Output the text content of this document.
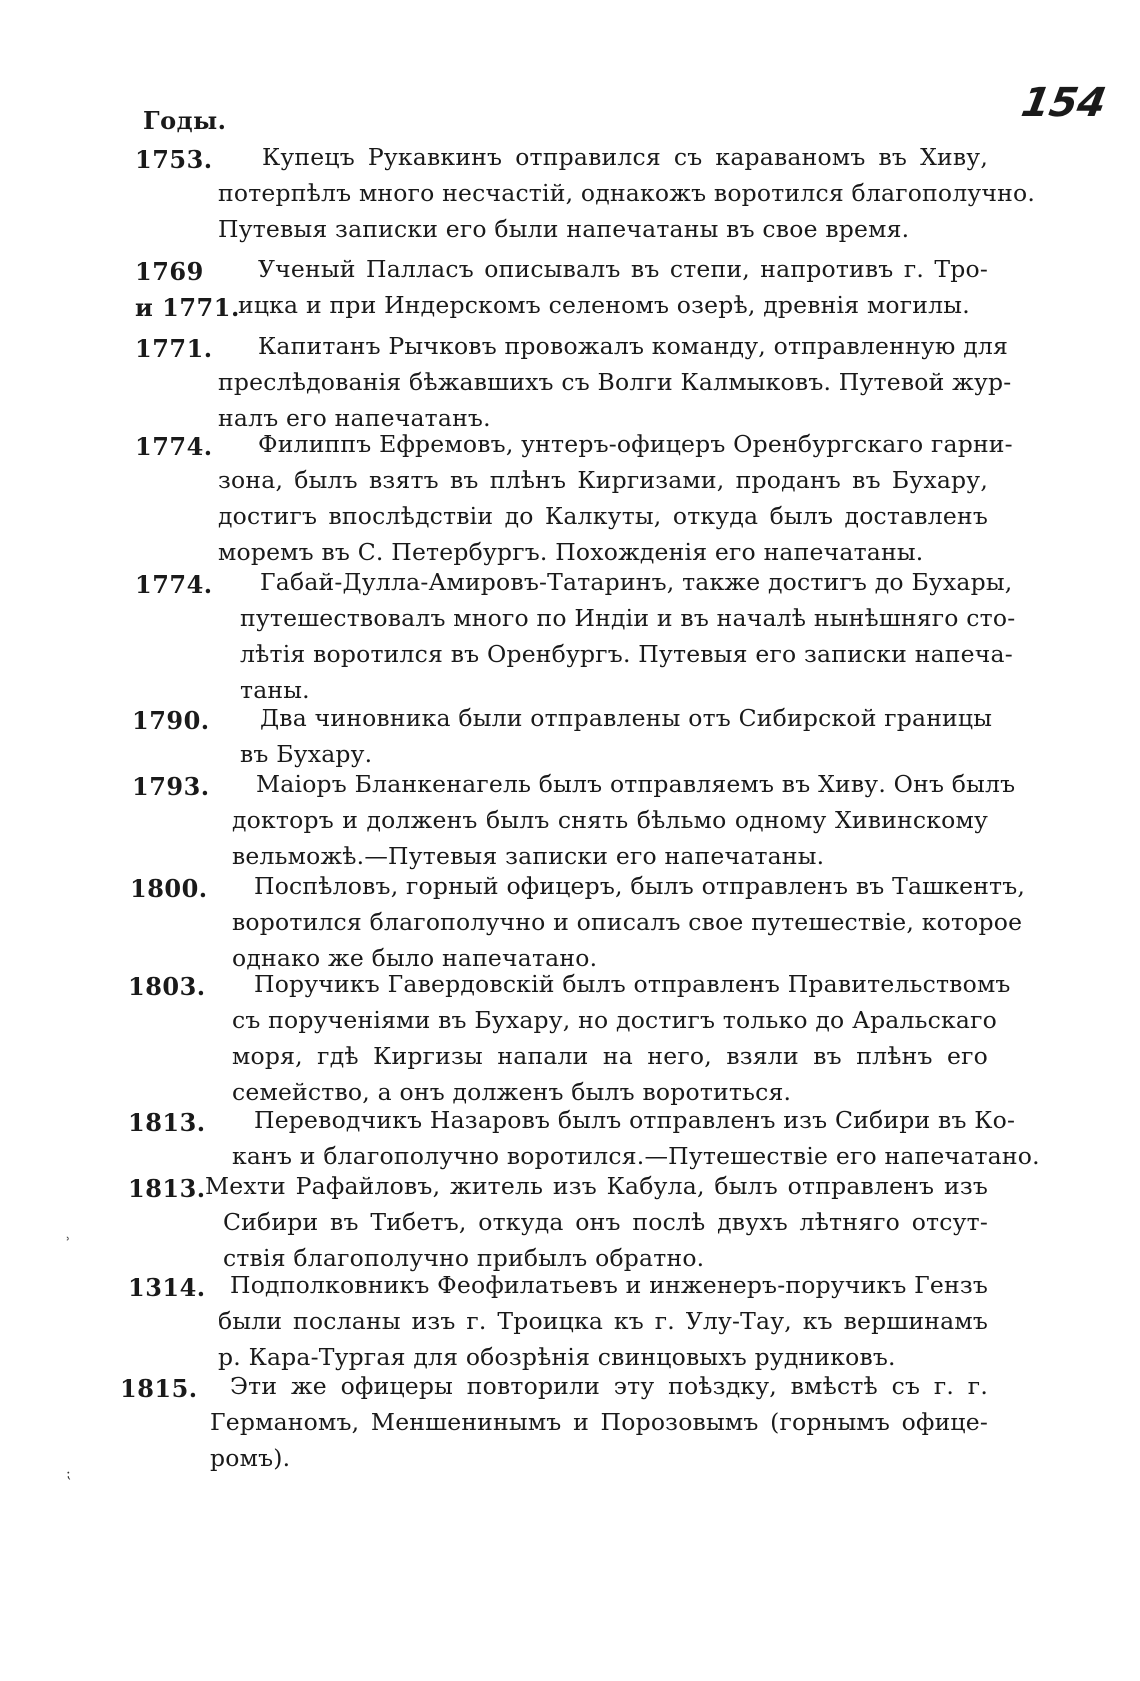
Годы.	154
1753. Купецъ Рукавкинъ отправился съ караваномъ въ Хиву,
потерпѣлъ много несчастій, однакожъ воротился благополучно.
Путевыя записки его были напечатаны въ свое время.
1769
и 1771.
Ученый Палласъ описывалъ въ степи, напротивъ г. Тро-
ицка и при Индерскомъ селеномъ озерѣ, древнія могилы.
1771. Капитанъ Рычковъ провожалъ команду, отправленную для
преслѣдованія бѣжавшихъ съ Волги Калмыковъ. Путевой жур-
налъ его напечатанъ.
1774. Филиппъ Ефремовъ, унтеръ-офицеръ Оренбургскаго гарни-
зона, былъ взятъ въ плѣнъ Киргизами, проданъ въ Бухару,
достигъ впослѣдствіи до Калкуты, откуда былъ доставленъ
моремъ въ С. Петербургъ. Похожденія его напечатаны.
1774. Габай-Дулла-Амировъ-Татаринъ, также достигъ до Бухары,
путешествовалъ много по Индіи и въ началѣ нынѣшняго сто-
лѣтія воротился въ Оренбургъ. Путевыя его записки напеча-
таны.
1790. Два чиновника были отправлены отъ Сибирской границы
въ Бухару.
1793. Маіоръ Бланкенагель былъ отправляемъ въ Хиву. Онъ былъ
докторъ и долженъ былъ снять бѣльмо одному Хивинскому
вельможѣ.—Путевыя записки его напечатаны.
1800. Поспѣловъ, горный офицеръ, былъ отправленъ въ Ташкентъ,
воротился благополучно и описалъ свое путешествіе, которое
однако же было напечатано.
1803. Поручикъ Гавердовскій былъ отправленъ Правительствомъ
съ порученіями въ Бухару, но достигъ только до Аральскаго
моря, гдѣ Киргизы напали на него, взяли въ плѣнъ его
семейство, а онъ долженъ былъ воротиться.
1813. Переводчикъ Назаровъ былъ отправленъ изъ Сибири въ Ко-
канъ и благополучно воротился.—Путешествіе его напечатано.
1813. Мехти Рафайловъ, житель изъ Кабула, былъ отправленъ изъ
Сибири въ Тибетъ, откуда онъ послѣ двухъ лѣтняго отсут-
ствія благополучно прибылъ обратно.
1314. Подполковникъ Феофилатьевъ и инженеръ-поручикъ Гензъ
были посланы изъ г. Троицка къ г. Улу-Тау, къ вершинамъ
р. Кара-Тургая для обозрѣнія свинцовыхъ рудниковъ.
1815. Эти же офицеры повторили эту поѣздку, вмѣстѣ съ г. г.
Германомъ, Меншенинымъ и Порозовымъ (горнымъ офице-
ромъ).
˒
⁏
